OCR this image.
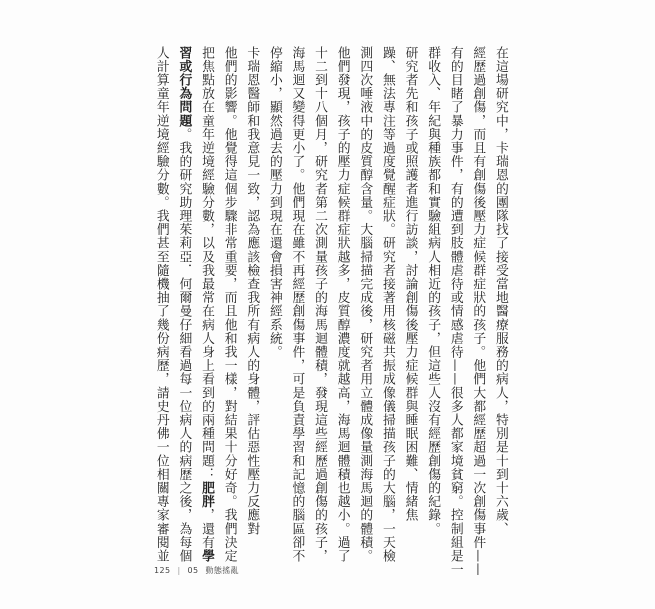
在這場研究中，卡瑞恩的團隊找了接受當地醫療服務的病人，特別是十到十六歲、
經歷過創傷，而且有創傷後壓力症候群症狀的孩子。他們大都經歷超過一次創傷事件——
有的目睹了暴力事件，有的遭到肢體虐待或情感虐待——很多人都家境貧窮。控制組是一
群收入、年紀與種族都和實驗組病人相近的孩子，但這些人沒有經歷創傷的紀錄。
研究者先和孩子或照護者進行訪談，討論創傷後壓力症候群與睡眠困難、情緒焦
躁、無法專注等過度覺醒症狀。研究者接著用核磁共振成像儀掃描孩子的大腦，一天檢
測四次唾液中的皮質醇含量。大腦掃描完成後，研究者用立體成像量測海馬迴的體積。
他們發現，孩子的壓力症候群症狀越多，皮質醇濃度就越高，海馬迴體積也越小。過了
十二到十八個月，研究者第二次測量孩子的海馬迴體積，發現這些經歷過創傷的孩子，
海馬迴又變得更小了。他們現在雖不再經歷創傷事件，可是負責學習和記憶的腦區卻不
停縮小，顯然過去的壓力到現在還會損害神經系統。
卡瑞恩醫師和我意見一致，認為應該檢查我所有病人的身體，評估惡性壓力反應對
他們的影響。他覺得這個步驟非常重要，而且他和我一樣，對結果十分好奇。我們決定
把焦點放在童年逆境經驗分數，以及我最常在病人身上看到的兩種問題：肥胖，還有學
習或行為問題。我的研究助理茱莉亞．何爾曼仔細看過每一位病人的病歷之後，為每個
人計算童年逆境經驗分數。我們甚至隨機抽了幾份病歷，請史丹佛一位相關專家審閱並
125 | 05 動態搖亂
